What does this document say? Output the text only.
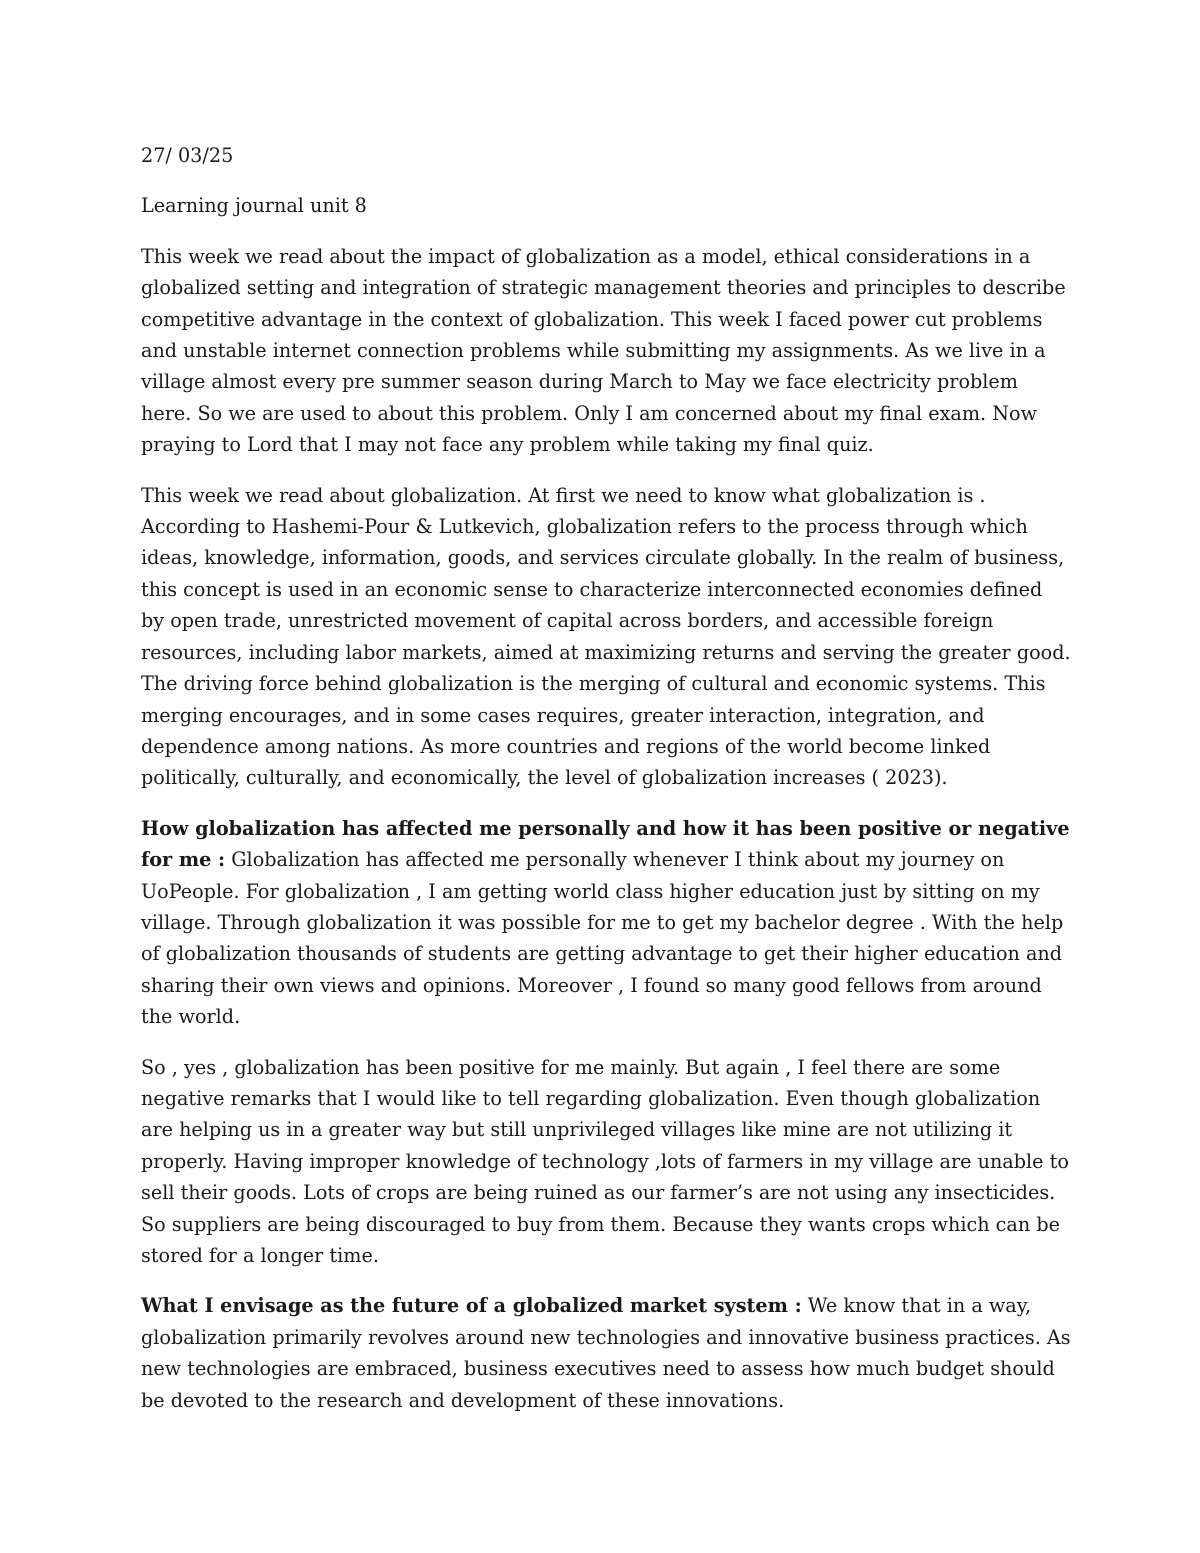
27/ 03/25

Learning journal unit 8

This week we read about the impact of globalization as a model, ethical considerations in a globalized setting and integration of strategic management theories and principles to describe competitive advantage in the context of globalization. This week I faced power cut problems and unstable internet connection problems while submitting my assignments. As we live in a village almost every pre summer season during March to May we face electricity problem here. So we are used to about this problem. Only I am concerned about my final exam. Now praying to Lord that I may not face any problem while taking my final quiz.

This week we read about globalization. At first we need to know what globalization is . According to Hashemi-Pour & Lutkevich, globalization refers to the process through which ideas, knowledge, information, goods, and services circulate globally. In the realm of business, this concept is used in an economic sense to characterize interconnected economies defined by open trade, unrestricted movement of capital across borders, and accessible foreign resources, including labor markets, aimed at maximizing returns and serving the greater good. The driving force behind globalization is the merging of cultural and economic systems. This merging encourages, and in some cases requires, greater interaction, integration, and dependence among nations. As more countries and regions of the world become linked politically, culturally, and economically, the level of globalization increases ( 2023).

How globalization has affected me personally and how it has been positive or negative for me : Globalization has affected me personally whenever I think about my journey on UoPeople. For globalization , I am getting world class higher education just by sitting on my village. Through globalization it was possible for me to get my bachelor degree . With the help of globalization thousands of students are getting advantage to get their higher education and sharing their own views and opinions. Moreover , I found so many good fellows from around the world.

So , yes , globalization has been positive for me mainly. But again , I feel there are some negative remarks that I would like to tell regarding globalization. Even though globalization are helping us in a greater way but still unprivileged villages like mine are not utilizing it properly. Having improper knowledge of technology ,lots of farmers in my village are unable to sell their goods. Lots of crops are being ruined as our farmer’s are not using any insecticides. So suppliers are being discouraged to buy from them. Because they wants crops which can be stored for a longer time.

What I envisage as the future of a globalized market system : We know that in a way, globalization primarily revolves around new technologies and innovative business practices. As new technologies are embraced, business executives need to assess how much budget should be devoted to the research and development of these innovations.
